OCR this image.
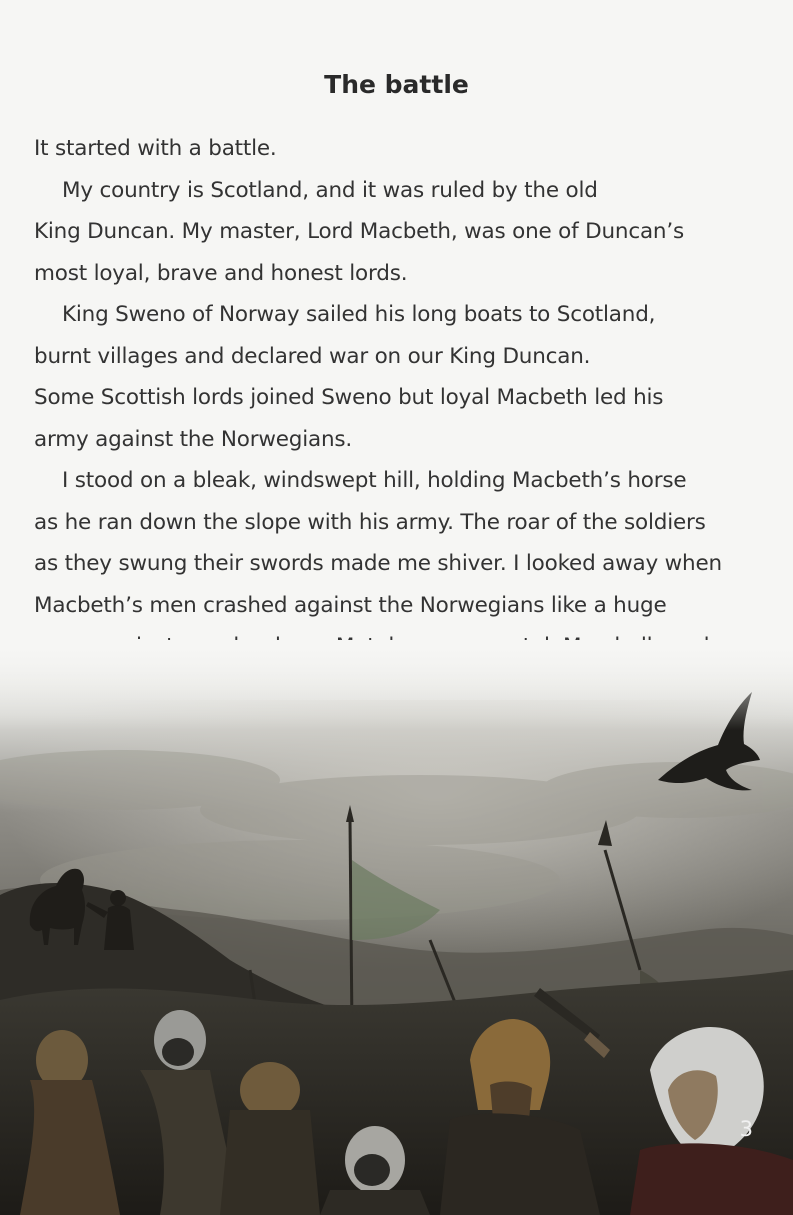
The battle
It started with a battle.
My country is Scotland, and it was ruled by the old
King Duncan. My master, Lord Macbeth, was one of Duncan’s
most loyal, brave and honest lords.
King Sweno of Norway sailed his long boats to Scotland,
burnt villages and declared war on our King Duncan.
Some Scottish lords joined Sweno but loyal Macbeth led his
army against the Norwegians.
I stood on a bleak, windswept hill, holding Macbeth’s horse
as he ran down the slope with his army. The roar of the soldiers
as they swung their swords made me shiver. I looked away when
Macbeth’s men crashed against the Norwegians like a huge

3
